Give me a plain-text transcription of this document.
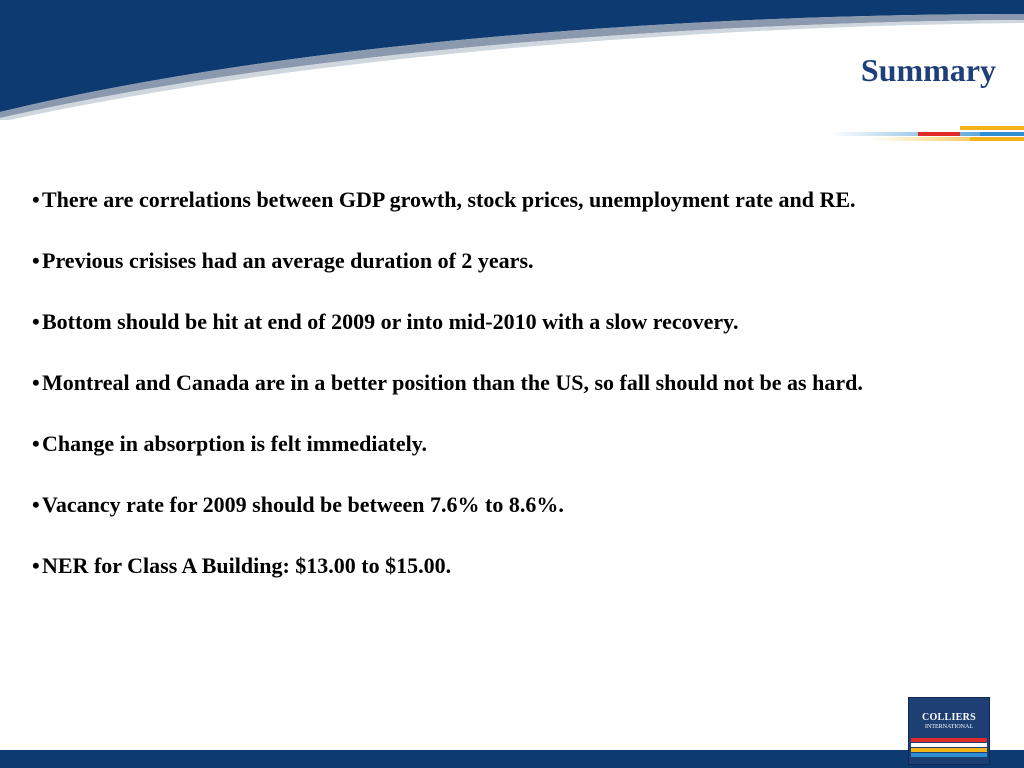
Summary
• There are correlations between GDP growth, stock prices, unemployment rate and RE.
• Previous crisises had an average duration of 2 years.
• Bottom should be hit at end of 2009 or into mid-2010 with a slow recovery.
• Montreal and Canada are in a better position than the US, so fall should not be as hard.
• Change in absorption is felt immediately.
• Vacancy rate for 2009 should be between 7.6% to 8.6%.
• NER for Class A Building: $13.00 to $15.00.
COLLIERS
INTERNATIONAL
